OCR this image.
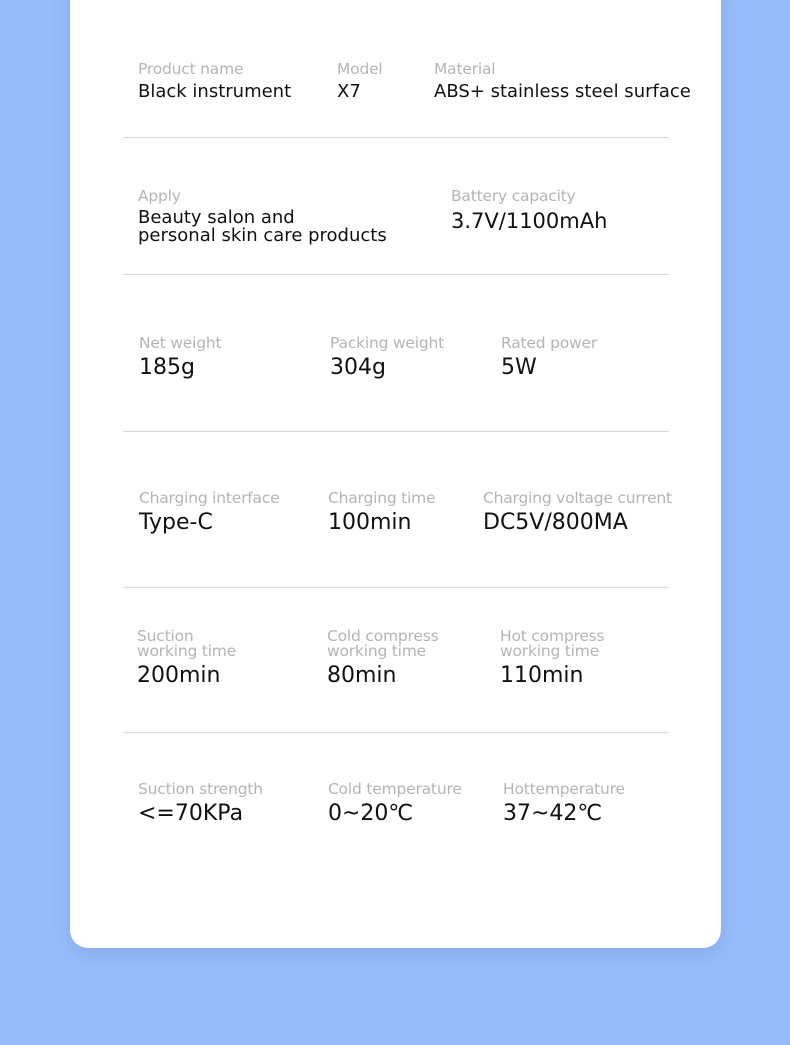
Product name
Black instrument
Model
X7
Material
ABS+ stainless steel surface
Apply
Beauty salon and
personal skin care products
Battery capacity
3.7V/1100mAh
Net weight
185g
Packing weight
304g
Rated power
5W
Charging interface
Type-C
Charging time
100min
Charging voltage current
DC5V/800MA
Suction
working time
200min
Cold compress
working time
80min
Hot compress
working time
110min
Suction strength
<=70KPa
Cold temperature
0~20℃
Hottemperature
37~42℃
